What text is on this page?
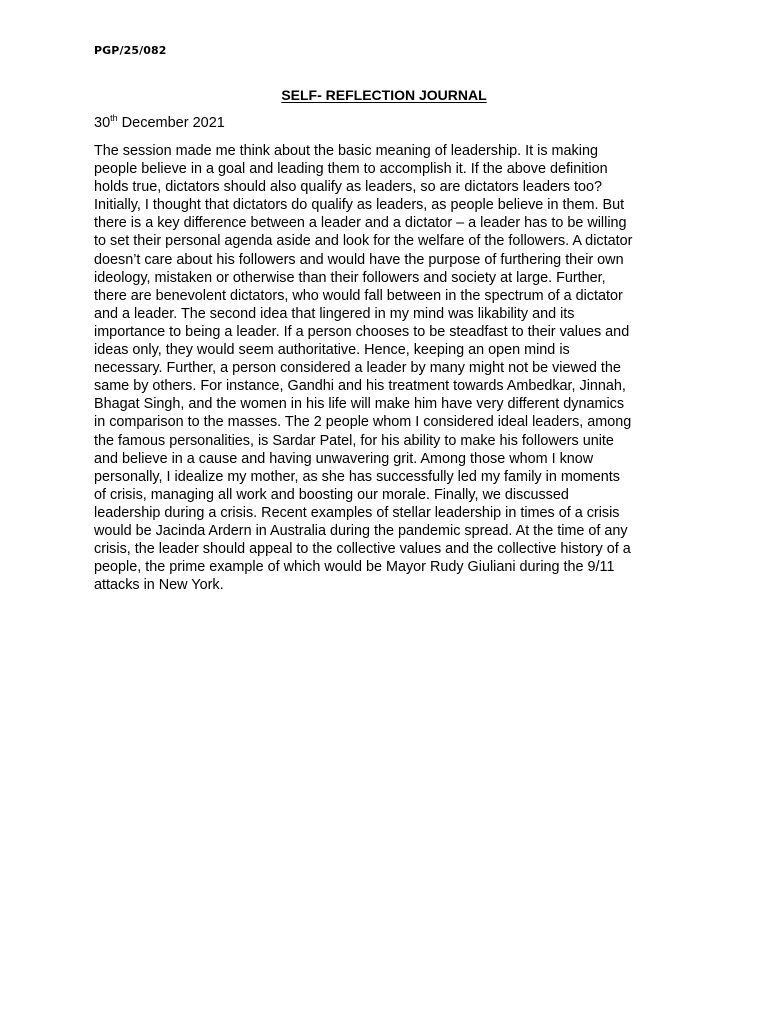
PGP/25/082
SELF- REFLECTION JOURNAL
30th December 2021
The session made me think about the basic meaning of leadership. It is making
people believe in a goal and leading them to accomplish it. If the above definition
holds true, dictators should also qualify as leaders, so are dictators leaders too?
Initially, I thought that dictators do qualify as leaders, as people believe in them. But
there is a key difference between a leader and a dictator – a leader has to be willing
to set their personal agenda aside and look for the welfare of the followers. A dictator
doesn’t care about his followers and would have the purpose of furthering their own
ideology, mistaken or otherwise than their followers and society at large. Further,
there are benevolent dictators, who would fall between in the spectrum of a dictator
and a leader. The second idea that lingered in my mind was likability and its
importance to being a leader. If a person chooses to be steadfast to their values and
ideas only, they would seem authoritative. Hence, keeping an open mind is
necessary. Further, a person considered a leader by many might not be viewed the
same by others. For instance, Gandhi and his treatment towards Ambedkar, Jinnah,
Bhagat Singh, and the women in his life will make him have very different dynamics
in comparison to the masses. The 2 people whom I considered ideal leaders, among
the famous personalities, is Sardar Patel, for his ability to make his followers unite
and believe in a cause and having unwavering grit. Among those whom I know
personally, I idealize my mother, as she has successfully led my family in moments
of crisis, managing all work and boosting our morale. Finally, we discussed
leadership during a crisis. Recent examples of stellar leadership in times of a crisis
would be Jacinda Ardern in Australia during the pandemic spread. At the time of any
crisis, the leader should appeal to the collective values and the collective history of a
people, the prime example of which would be Mayor Rudy Giuliani during the 9/11
attacks in New York.
